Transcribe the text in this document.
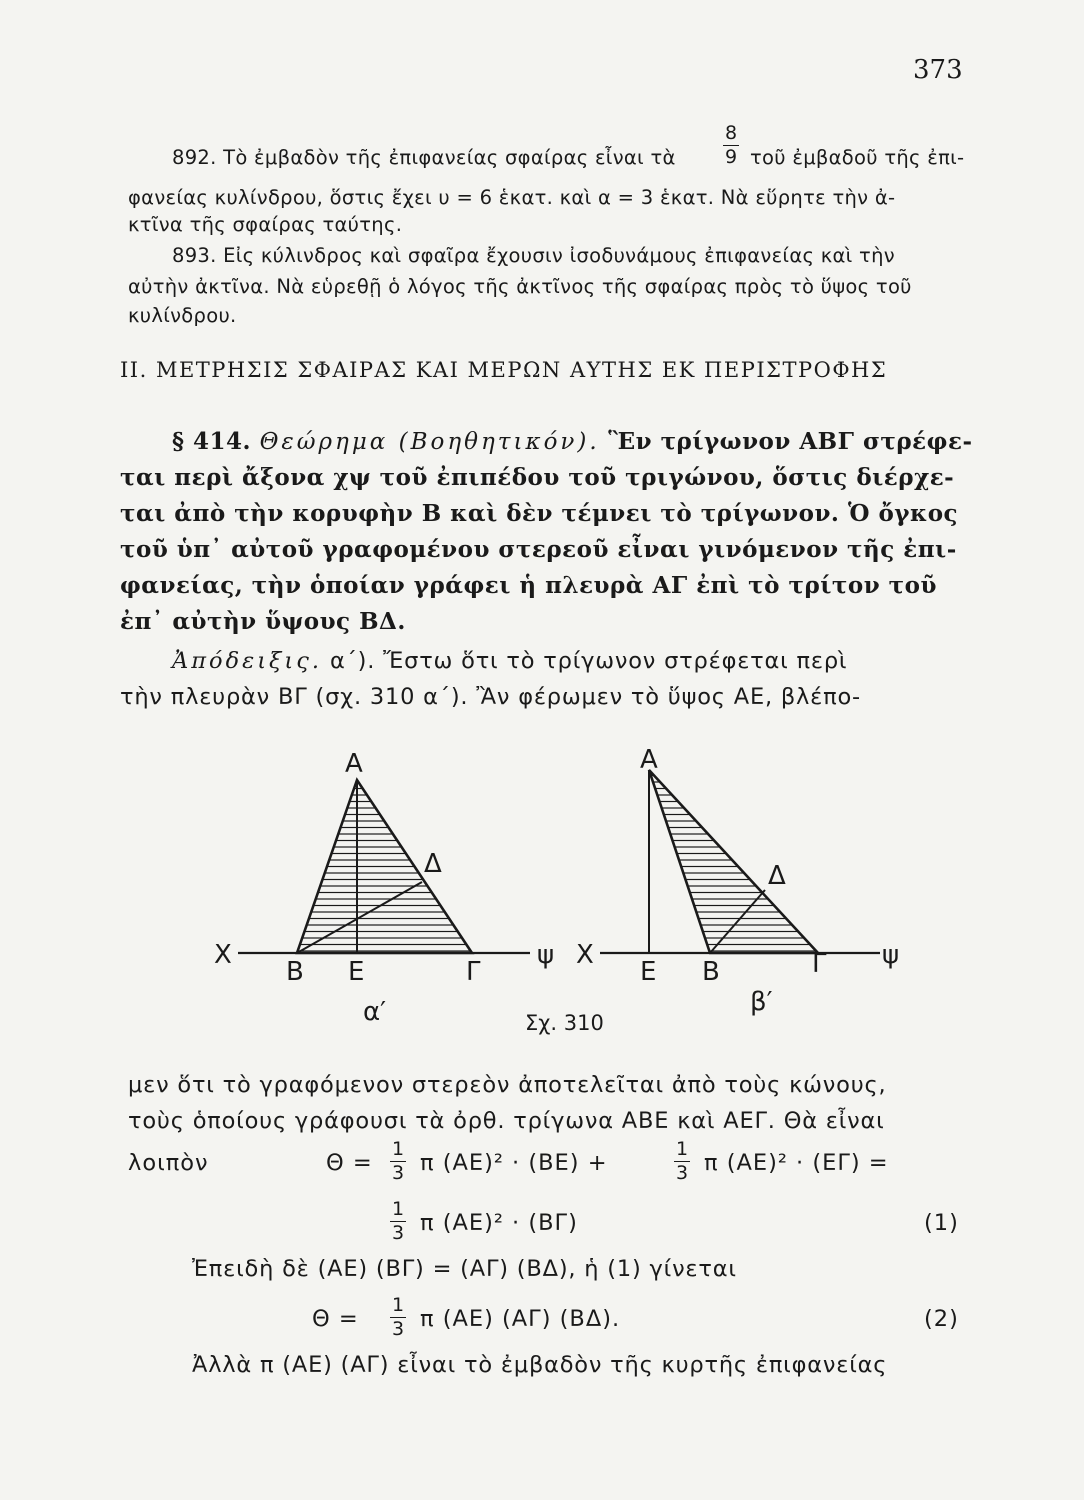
373
892. Τὸ ἐμβαδὸν τῆς ἐπιφανείας σφαίρας εἶναι τὰ $\frac{8}{9}$ τοῦ ἐμβαδοῦ τῆς ἐπι-
φανείας κυλίνδρου, ὅστις ἔχει υ = 6 ἑκατ. καὶ α = 3 ἑκατ. Νὰ εὕρητε τὴν ἀ-
κτῖνα τῆς σφαίρας ταύτης.
893. Εἰς κύλινδρος καὶ σφαῖρα ἔχουσιν ἰσοδυνάμους ἐπιφανείας καὶ τὴν
αὐτὴν ἀκτῖνα. Νὰ εὑρεθῇ ὁ λόγος τῆς ἀκτῖνος τῆς σφαίρας πρὸς τὸ ὕψος τοῦ
κυλίνδρου.
II. ΜΕΤΡΗΣΙΣ ΣΦΑΙΡΑΣ ΚΑΙ ΜΕΡΩΝ ΑΥΤΗΣ ΕΚ ΠΕΡΙΣΤΡΟΦΗΣ
§ 414. Θεώρημα (Βοηθητικόν). Ἓν τρίγωνον ΑΒΓ στρέφε-
ται περὶ ἄξονα χψ τοῦ ἐπιπέδου τοῦ τριγώνου, ὅστις διέρχε-
ται ἀπὸ τὴν κορυφὴν Β καὶ δὲν τέμνει τὸ τρίγωνον. Ὁ ὄγκος
τοῦ ὑπ᾽ αὐτοῦ γραφομένου στερεοῦ εἶναι γινόμενον τῆς ἐπι-
φανείας, τὴν ὁποίαν γράφει ἡ πλευρὰ ΑΓ ἐπὶ τὸ τρίτον τοῦ
ἐπ᾽ αὐτὴν ὕψους ΒΔ.
Ἀπόδειξις. α΄). Ἔστω ὅτι τὸ τρίγωνον στρέφεται περὶ
τὴν πλευρὰν ΒΓ (σχ. 310 α΄). Ἂν φέρωμεν τὸ ὕψος ΑΕ, βλέπο-
Α
Δ
Χ
Β Ε	Γ
ψ
α′
Α
Δ
Χ
Ε Β	Γ ψ
β′
Σχ. 310
μεν ὅτι τὸ γραφόμενον στερεὸν ἀποτελεῖται ἀπὸ τοὺς κώνους,
τοὺς ὁποίους γράφουσι τὰ ὀρθ. τρίγωνα ΑΒΕ καὶ ΑΕΓ. Θὰ εἶναι
λοιπὸν	$\Theta = \frac{1}{3}$ π (ΑΕ)² · (ΒΕ) +	$\frac{1}{3}$ π (ΑΕ)² · (ΕΓ) =
$\frac{1}{3}$ π (ΑΕ)² · (ΒΓ)	(1)
Ἐπειδὴ δὲ (ΑΕ) (ΒΓ) = (ΑΓ) (ΒΔ), ἡ (1) γίνεται
$\Theta = \frac{1}{3}$ π (ΑΕ) (ΑΓ) (ΒΔ).	(2)
Ἀλλὰ π (ΑΕ) (ΑΓ) εἶναι τὸ ἐμβαδὸν τῆς κυρτῆς ἐπιφανείας
